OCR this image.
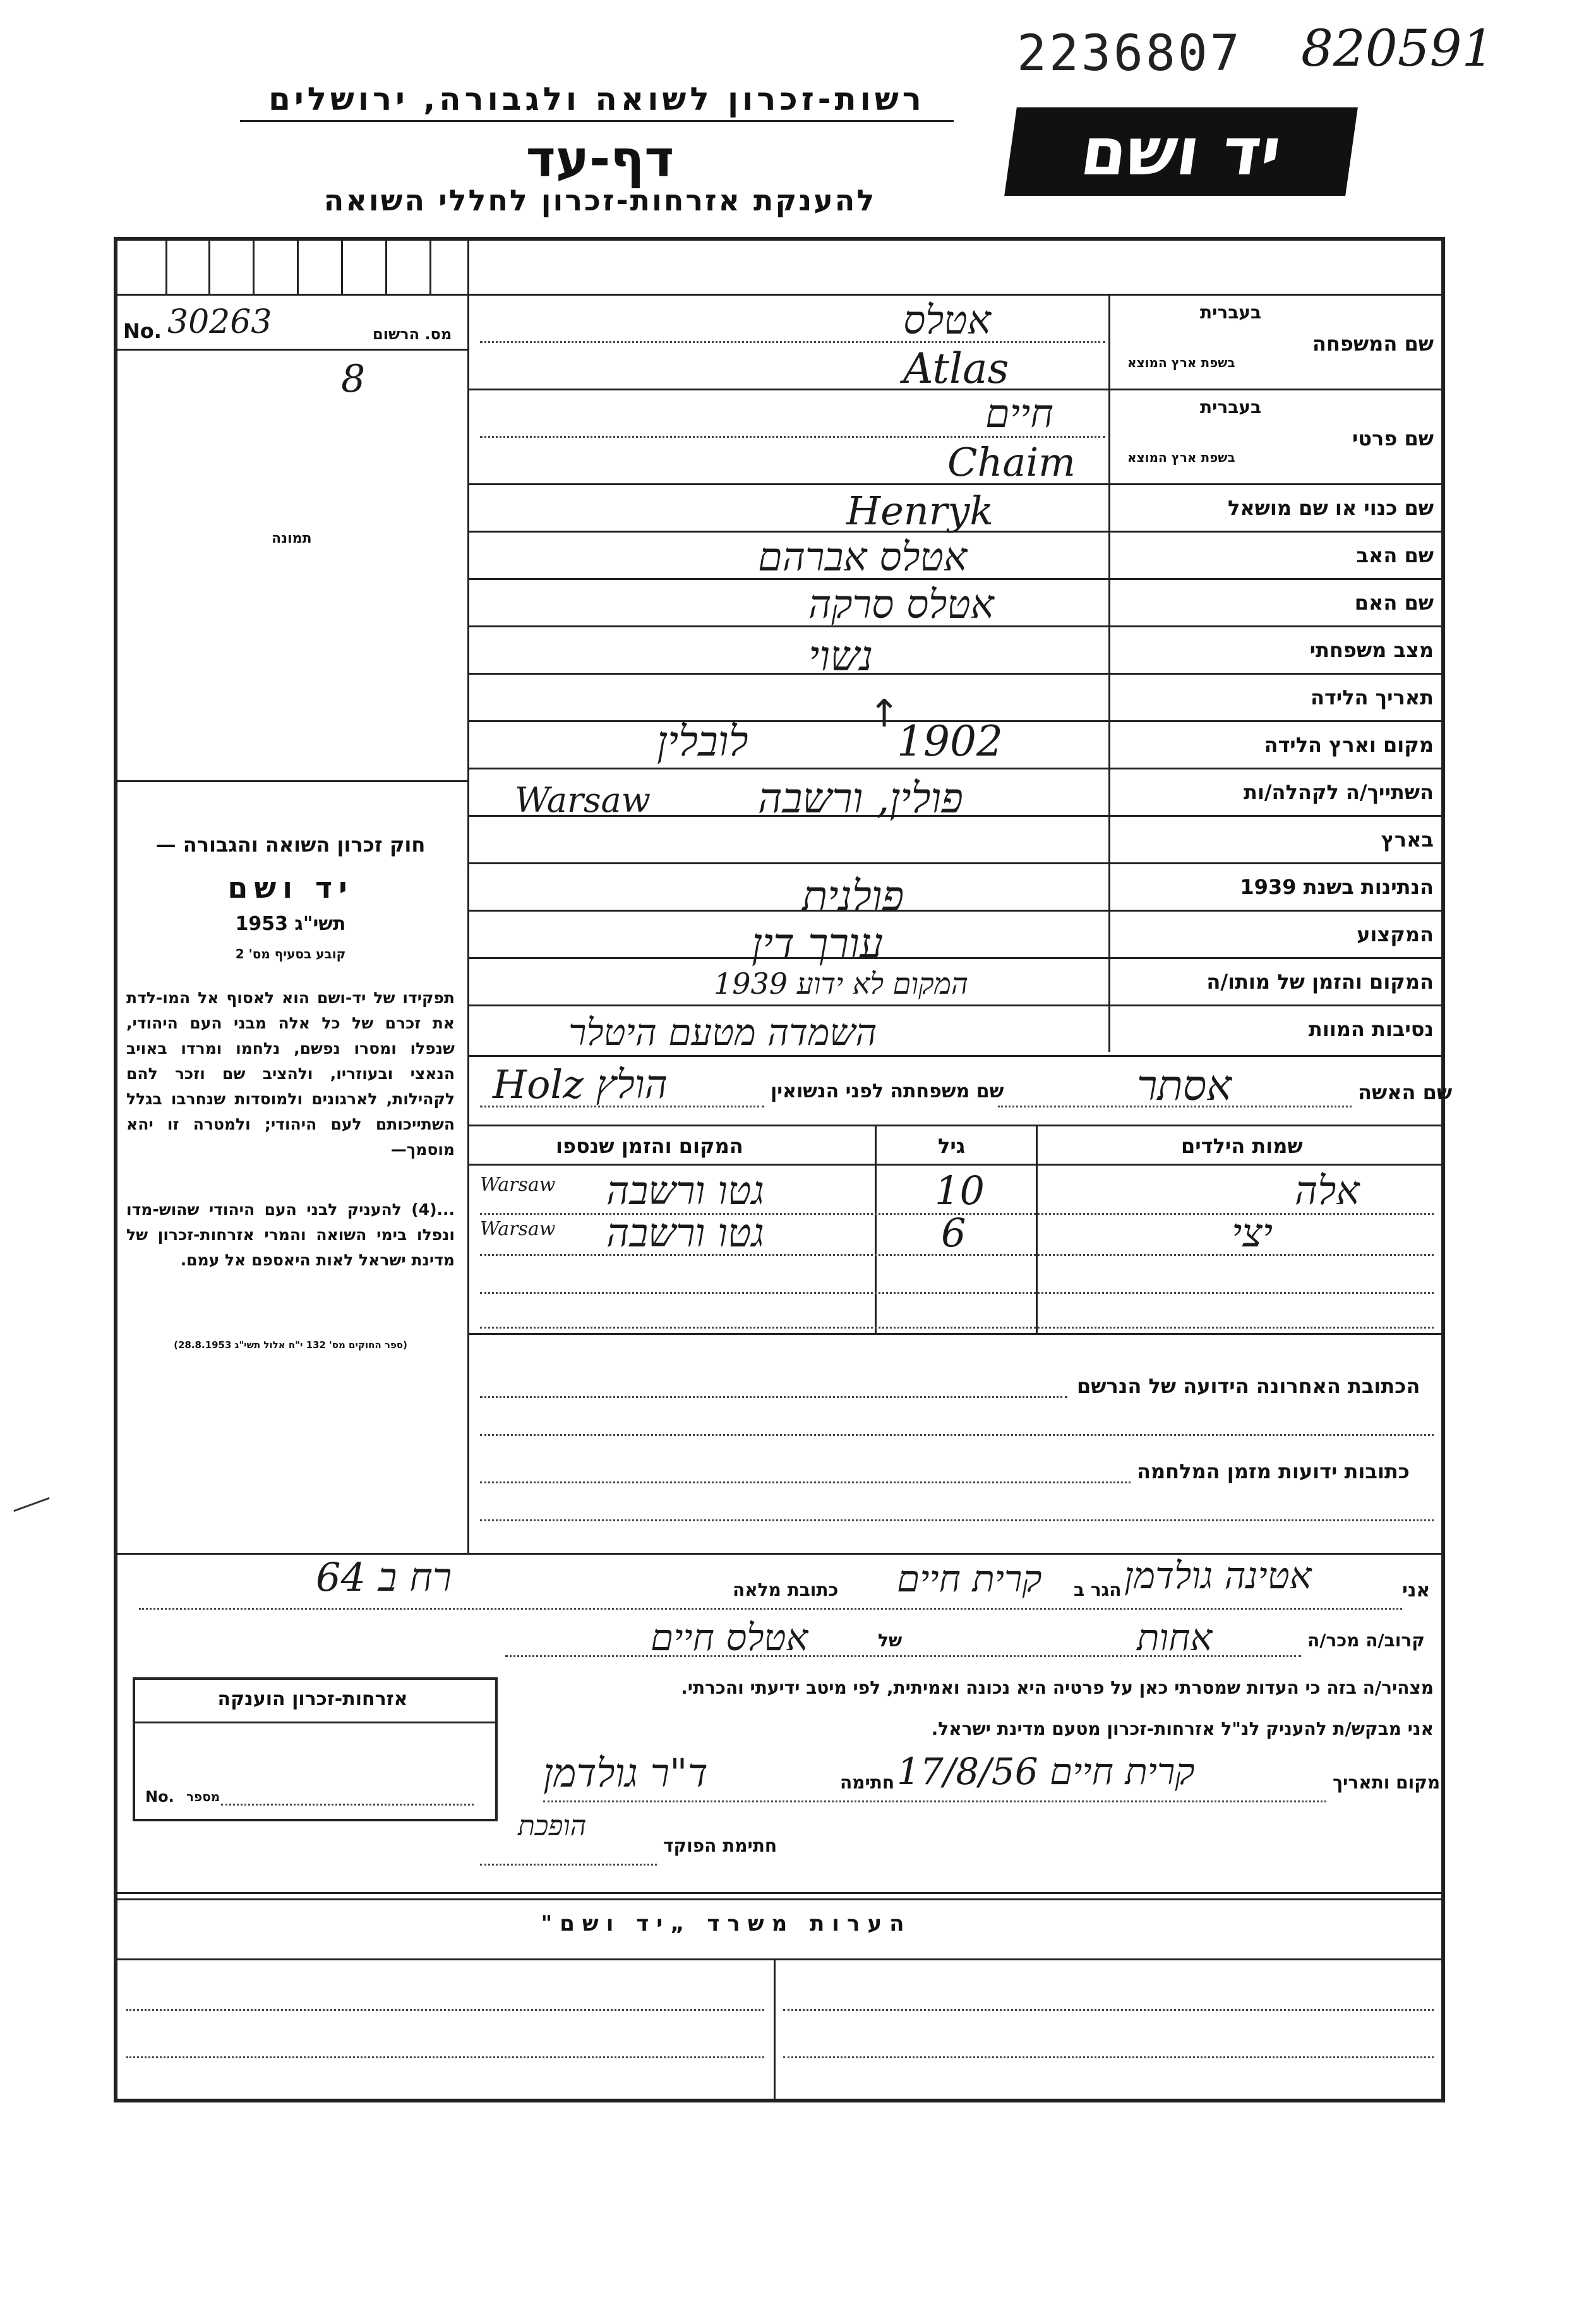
2236807 820591
רשות-זכרון לשואה ולגבורה, ירושלים
דף-עד
להענקת אזרחות-זכרון לחללי השואה
יד ושם
No. 30263	מס. הרשום
8
תמונה
חוק זכרון השואה והגבורה —
יד ושם
תשי"ג 1953
קובע בסעיף מס' 2
תפקידו של יד-ושם הוא לאסוף אל המו-לדת את זכרם של כל אלה מבני העם היהודי, שנפלו ומסרו נפשם, נלחמו ומרדו באויב הנאצי ובעוזריו, ולהציב שם וזכר להם לקהילות, לארגונים ולמוסדות שנחרבו בגלל השתייכותם לעם היהודי; ולמטרה זו יהא מוסמך—
...(4) להעניק לבני העם היהודי שהוש-מדו ונפלו בימי השואה והמרי אזרחות-זכרון של מדינת ישראל לאות היאספם אל עמם.
(ספר החוקים מס' 132 י"ח אלול תשי"ג 28.8.1953)
שם המשפחה
שם פרטי
שם כנוי או שם מושאל
שם האב
שם האם
מצב משפחתי
תאריך הלידה
מקום וארץ הלידה
השתייך/ה לקהלה/ות
בארץ
הנתינות בשנת 1939
המקצוע
המקום והזמן של מותו/ה
נסיבות המוות
בעברית
בשפת ארץ המוצא
בעברית
בשפת ארץ המוצא
אטלס
Atlas
חיים
Chaim
Henryk
אטלס אברהם
אטלס סרקה
נשוי
↑
1902
לובלין
פולין, ורשבה
Warsaw
פולנית
עורך דין
המקום לא ידוע 1939
השמדה מטעם היטלר
שם האשה
אסתר
שם משפחתה לפני הנשואין
Holz הולץ
שמות הילדים
גיל
המקום והזמן שנספו
אלה
10
גטו ורשבה
Warsaw
יצי
6
גטו ורשבה
Warsaw
הכתובת האחרונה הידועה של הנרשם
כתובות ידועות מזמן המלחמה
אני
אטינה גולדמן
הגר ב
קרית חיים
כתובת מלאה
רח ב 64
קרוב/ה מכר/ה
אחות
של
אטלס חיים
מצהיר/ה בזה כי העדות שמסרתי כאן על פרטיה היא נכונה ואמיתית, לפי מיטב ידיעתי והכרתי.
אני מבקש/ת להעניק לנ"ל אזרחות-זכרון מטעם מדינת ישראל.
מקום ותאריך
קרית חיים 17/8/56
חתימה
ד"ר גולדמן
חתימת הפוקד
הופכת
אזרחות-זכרון הוענקה
No. מספר
הערות משרד „יד ושם"
